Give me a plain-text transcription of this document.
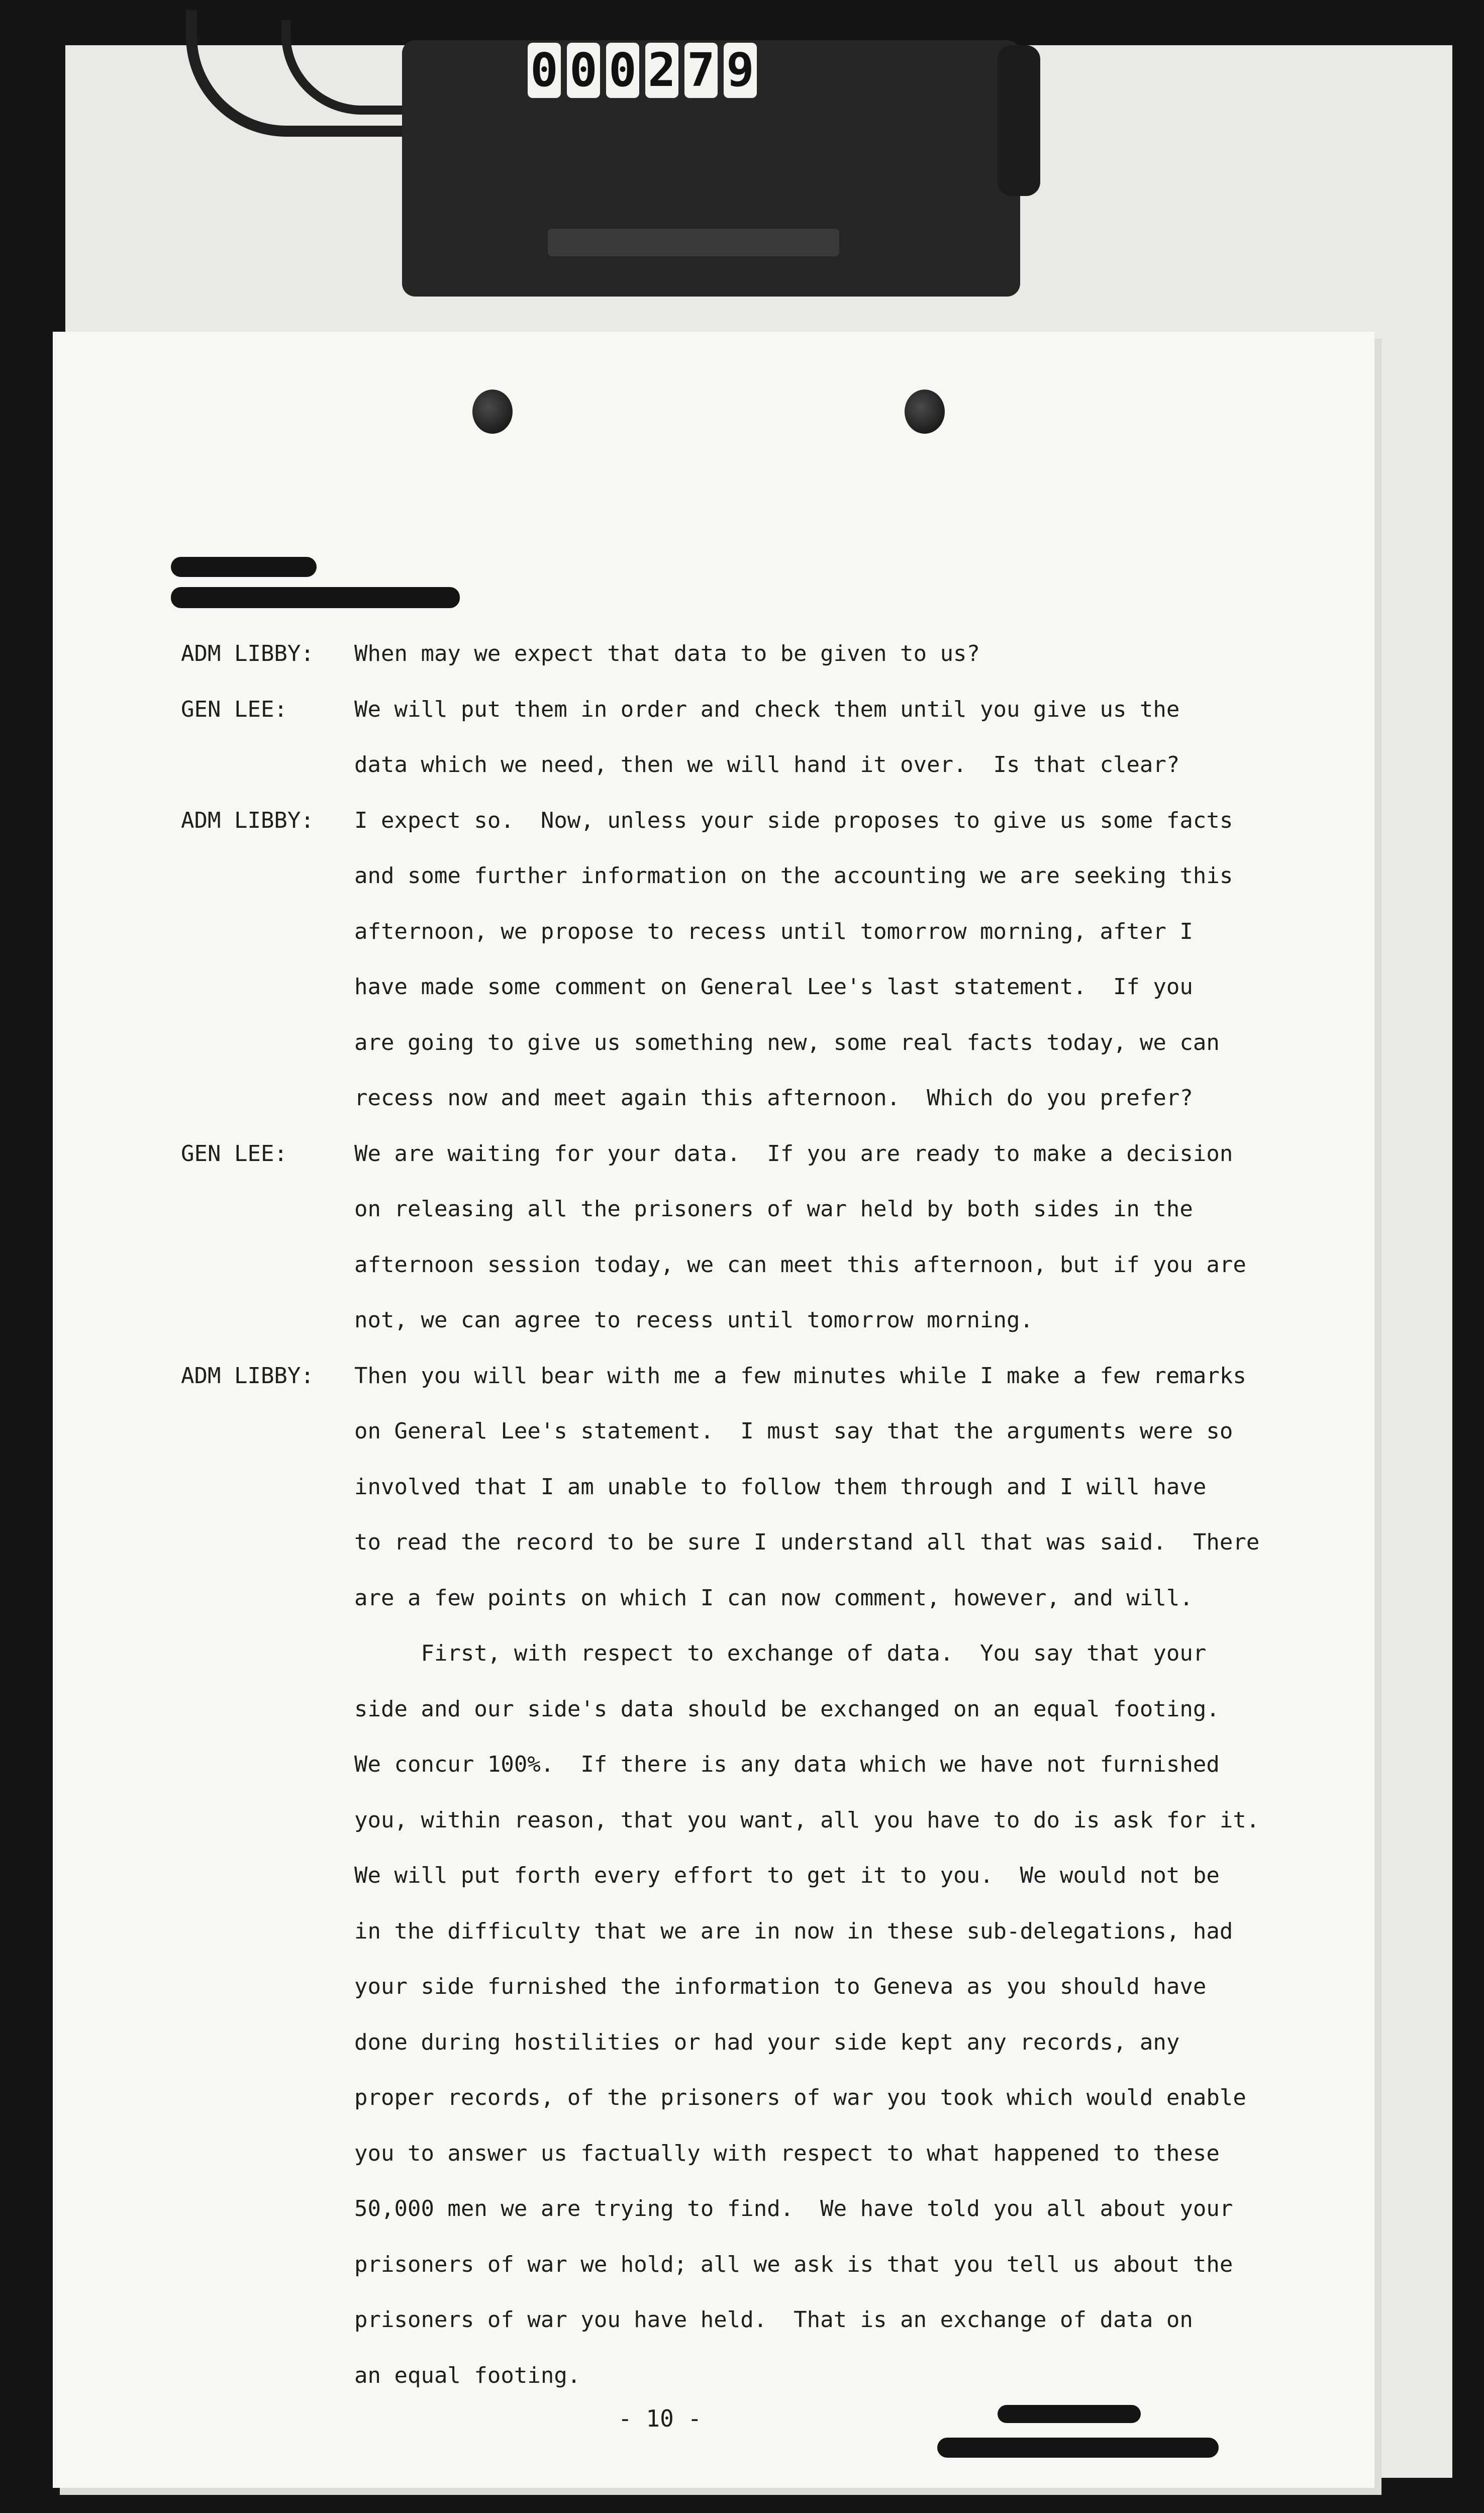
0 0 0 2 7 9
ADM LIBBY: When may we expect that data to be given to us?
GEN LEE:	We will put them in order and check them until you give us the
data which we need, then we will hand it over.  Is that clear?
ADM LIBBY: I expect so.  Now, unless your side proposes to give us some facts
and some further information on the accounting we are seeking this
afternoon, we propose to recess until tomorrow morning, after I
have made some comment on General Lee's last statement.  If you
are going to give us something new, some real facts today, we can
recess now and meet again this afternoon.  Which do you prefer?
GEN LEE:	We are waiting for your data.  If you are ready to make a decision
on releasing all the prisoners of war held by both sides in the
afternoon session today, we can meet this afternoon, but if you are
not, we can agree to recess until tomorrow morning.
ADM LIBBY: Then you will bear with me a few minutes while I make a few remarks
on General Lee's statement.  I must say that the arguments were so
involved that I am unable to follow them through and I will have
to read the record to be sure I understand all that was said.  There
are a few points on which I can now comment, however, and will.
First, with respect to exchange of data.  You say that your
side and our side's data should be exchanged on an equal footing.
We concur 100%.  If there is any data which we have not furnished
you, within reason, that you want, all you have to do is ask for it.
We will put forth every effort to get it to you.  We would not be
in the difficulty that we are in now in these sub-delegations, had
your side furnished the information to Geneva as you should have
done during hostilities or had your side kept any records, any
proper records, of the prisoners of war you took which would enable
you to answer us factually with respect to what happened to these
50,000 men we are trying to find.  We have told you all about your
prisoners of war we hold; all we ask is that you tell us about the
prisoners of war you have held.  That is an exchange of data on
an equal footing.
- 10 -
